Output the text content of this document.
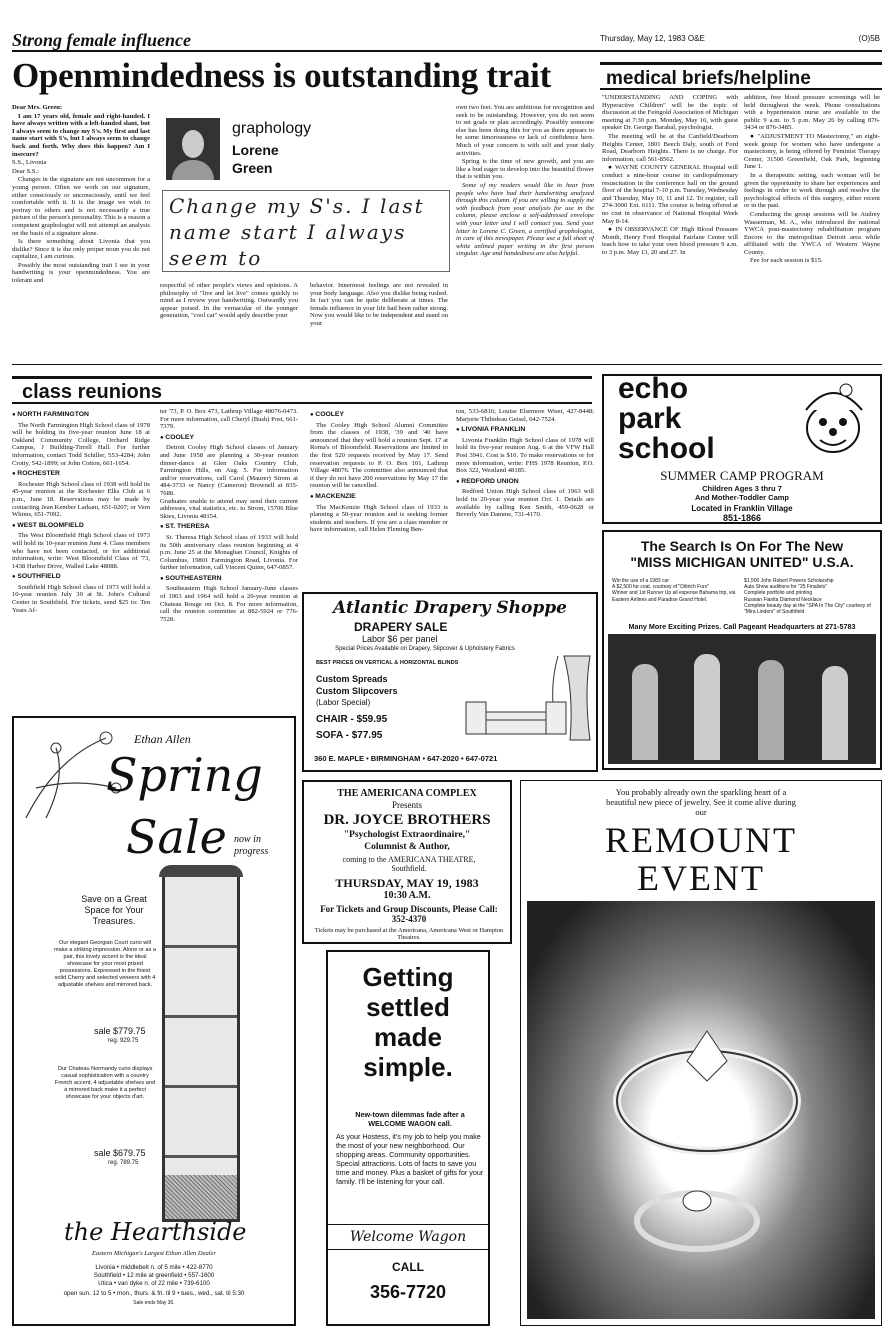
Strong female influence	Thursday, May 12, 1983 O&E	(O)5B
Openmindedness is outstanding trait

Dear Mrs. Green:

I am 17 years old, female and right-handed. I have always written with a left-handed slant, but I always seem to change my S's. My first and last name start with S's, but I always seem to change back and forth. Why does this happen? Am I insecure?

S.S., Livonia

Dear S.S.:

Changes in the signature are not uncommon for a young person. Often we work on our signature, either consciously or unconsciously, until we feel comfortable with it. It is the image we wish to portray to others and is not necessarily a true picture of the person's personality. This is a reason a competent graphologist will not attempt an analysis on the basis of a signature alone.

Is there something about Livonia that you dislike? Since it is the only proper noun you do not capitalize, I am curious.

Possibly the most outstanding trait I see in your handwriting is your openmindedness. You are tolerant and

graphology
Lorene
Green
Change my S's. I last name start I always seem to

respectful of other people's views and opinions. A philosophy of "live and let live" comes quickly to mind as I review your handwriting. Outwardly you appear poised. In the vernacular of the younger generation, "cool cat" would aptly describe your

behavior. Innermost feelings are not revealed in your body language. Also you dislike being rushed. In fact you can be quite deliberate at times. The female influence in your life had been rather strong. Now you would like to be independent and stand on your

own two feet. You are ambitious for recognition and seek to be outstanding. However, you do not seem to set goals or plan accordingly. Possibly someone else has been doing this for you as there appears to be some timorousness or lack of confidence here. Much of your concern is with self and your daily activities.

Spring is the time of new growth, and you are like a bud eager to develop into the beautiful flower that is within you.

Some of my readers would like to hear from people who have had their handwriting analyzed through this column. If you are willing to supply me with feedback from your analysis for use in the column, please enclose a self-addressed envelope with your letter and I will contact you. Send your letter to Lorene C. Green, a certified graphologist, in care of this newspaper. Please use a full sheet of white unlined paper writing in the first person singular. Age and handedness are also helpful.

medical briefs/helpline

"UNDERSTANDING AND COPING with Hyperactive Children" will be the topic of discussion at the Feingold Association of Michigan meeting at 7:30 p.m. Monday, May 16, with guest speaker Dr. George Barahal, psychologist.

The meeting will be at the Canfield/Dearborn Heights Center, 1801 Beech Daly, south of Ford Road, Dearborn Heights. There is no charge. For information, call 561-8562.

● WAYNE COUNTY GENERAL Hospital will conduct a nine-hour course in cardiopulmonary resuscitation in the conference hall on the ground floor of the hospital 7-10 p.m. Tuesday, Wednesday and Thursday, May 10, 11 and 12. To register, call 274-3000 Ext. 6111. The course is being offered at no cost in observance of National Hospital Week May 8-14.

● IN OBSERVANCE OF High Blood Pressure Month, Henry Ford Hospital Fairlane Center will teach how to take your own blood pressure 9 a.m. to 3 p.m. May 13, 20 and 27. In

addition, free blood pressure screenings will be held throughout the week. Phone consultations with a hypertension nurse are available to the public 9 a.m. to 5 p.m. May 26 by calling 876-3434 or 876-3485.

● "ADJUSTMENT TO Mastectomy," an eight-week group for women who have undergone a mastectomy, is being offered by Feminist Therapy Center, 31500 Greenfield, Oak Park, beginning June 1.

In a therapeutic setting, each woman will be given the opportunity to share her experiences and feelings in order to work through and resolve the psychological effects of this surgery, either recent or in the past.

Conducting the group sessions will be Audrey Wasserman, M. A., who introduced the national YWCA post-mastectomy rehabilitation program Encore to the metropolitan Detroit area while affiliated with the YWCA of Western Wayne County.

Fee for each session is $15.

class reunions
● NORTH FARMINGTON

The North Farmington High School class of 1978 will be holding its five-year reunion June 18 at Oakland Community College, Orchard Ridge Campus, J Building-Tirrell Hall. For further information, contact Todd Schiller, 553-4284; John Crotty, 542-1899; or John Cotton, 661-1654.

● ROCHESTER

Rochester High School class of 1938 will hold its 45-year reunion at the Rochester Elks Club at 6 p.m., June 18. Reservations may be made by contacting Jean Kember Larkam, 651-0207; or Vern Whims, 651-7092.

● WEST BLOOMFIELD

The West Bloomfield High School class of 1973 will hold its 10-year reunion June 4. Class members who have not been contacted, or for additional information, write: West Bloomfield Class of '73, 1438 Harbor Drive, Walled Lake 48088.

● SOUTHFIELD

Southfield High School class of 1973 will hold a 10-year reunion July 30 at St. John's Cultural Center in Southfield. For tickets, send $25 to: Ten Years Af-

ter '73, P. O. Box 473, Lathrup Village 48076-0473. For more information, call Cheryl (Bush) Post, 661-7379.

● COOLEY

Detroit Cooley High School classes of January and June 1958 are planning a 30-year reunion dinner-dance at Glen Oaks Country Club, Farmington Hills, on Aug. 5. For information and/or reservations, call Carol (Maurer) Strom at 484-3733 or Nancy (Cameron) Brownell at 835-7688.
Graduates unable to attend may send their current addresses, vital statistics, etc. to Strom, 15706 Blue Skies, Livonia 48154.

● ST. THERESA

St. Theresa High School class of 1933 will hold its 50th anniversary class reunion beginning at 4 p.m. June 25 at the Monaghan Council, Knights of Columbus, 19801 Farmington Road, Livonia. For further information, call Vincent Quinn, 647-0857.

● SOUTHEASTERN

Southeastern High School January-June classes of 1963 and 1964 will hold a 20-year reunion at Chateau Rouge on Oct. 8. For more information, call the reunion committee at 882-5924 or 776-7528.

● COOLEY

The Cooley High School Alumni Committee from the classes of 1938, '39 and '40 have announced that they will hold a reunion Sept. 17 at Roma's of Bloomfield. Reservations are limited to the first 520 requests received by May 17. Send reservation requests to P. O. Box 101, Lathrup Village 48076. The committee also announced that if they do not have 200 reservations by May 17 the reunion will be cancelled.

● MACKENZIE

The MacKenzie High School class of 1933 is planning a 50-year reunion and is seeking former students and teachers. If you are a class member or have information, call Helen Fleming Ben-

ton, 533-6816; Louise Elsemore Wiser, 427-8448; Marjorie Thibideau Geisel, 642-7524.

● LIVONIA FRANKLIN

Livonia Franklin High School class of 1978 will hold its five-year reunion Aug. 6 at the VFW Hall Post 3941. Cost is $10. To make reservations or for more information, write: FHS 1978 Reunion, P.O. Box 322, Westland 48185.

● REDFORD UNION

Redford Union High School class of 1963 will hold its 20-year year reunion Oct. 1. Details are available by calling Ken Smith, 459-0628 or Beverly Van Damme, 731-4170.

Atlantic Drapery Shoppe
DRAPERY SALE
Labor $6 per panel
Special Prices Available on Drapery, Slipcover & Upholstery Fabrics
BEST PRICES ON VERTICAL & HORIZONTAL BLINDS
Custom Spreads
Custom Slipcovers
(Labor Special)
CHAIR - $59.95
SOFA - $77.95
360 E. MAPLE • BIRMINGHAM • 647-2020 • 647-0721
echo
park
school
SUMMER CAMP PROGRAM
Children Ages 3 thru 7
And Mother-Toddler Camp
Located in Franklin Village
851-1866
The Search Is On For The New
"MISS MICHIGAN UNITED" U.S.A.
Win the use of a 1983 car
A $2,500 fur coat, courtesy of "Dittrich Furs"
Winner and 1st Runner Up all expense Bahama trip, via Eastern Airlines and Paradise Grand Hotel.
$1,500 John Robert Powers Scholarship
Auto Show auditions for "25 Finalists"
Complete portfolio and printing
Russian Fianita Diamond Necklace
Complete beauty day at the "SPA In The City" courtesy of "Mira Linders" of Southfield
Many More Exciting Prizes. Call Pageant Headquarters at 271-5783
Ethan Allen
Spring
Sale now in
progress
Save on a Great Space for Your Treasures.
Our elegant Georgian Court curio will make a striking impression. Alone or as a pair, this lovely accent is the ideal showcase for your most prized possessions. Expressed in the finest solid Cherry and selected veneers with 4 adjustable shelves and mirrored back.
sale $779.75
reg. 929.75
Our Chateau Normandy curio displays casual sophistication with a country French accent, 4 adjustable shelves and a mirrored back make it a perfect showcase for your objects d'art.
sale $679.75
reg. 789.75
the Hearthside
Eastern Michigan's Largest Ethan Allen Dealer
Livonia • middlebelt n. of 5 mile • 422-8770
Southfield • 12 mile at greenfield • 557-1600
Utica • van dyke n. of 22 mile • 739-6100
open sun. 12 to 5 • mon., thurs. & fri. til 9 • tues., wed., sat. til 5:30
Sale ends May 30.
THE AMERICANA COMPLEX
Presents
DR. JOYCE BROTHERS
"Psychologist Extraordinaire,"
Columnist & Author,
coming to the AMERICANA THEATRE, Southfield.
THURSDAY, MAY 19, 1983
10:30 A.M.
For Tickets and Group Discounts, Please Call: 352-4370
Tickets may be purchased at the Americana, Americana West or Hampton Theatres.
Getting
settled
made
simple.
New-town dilemmas fade after a WELCOME WAGON call.
As your Hostess, it's my job to help you make the most of your new neighborhood. Our shopping areas. Community opportunities. Special attractions. Lots of facts to save you time and money. Plus a basket of gifts for your family. I'll be listening for your call.
Welcome Wagon
CALL
356-7720
You probably already own the sparkling heart of a beautiful new piece of jewelry. See it come alive during our
REMOUNT
EVENT
